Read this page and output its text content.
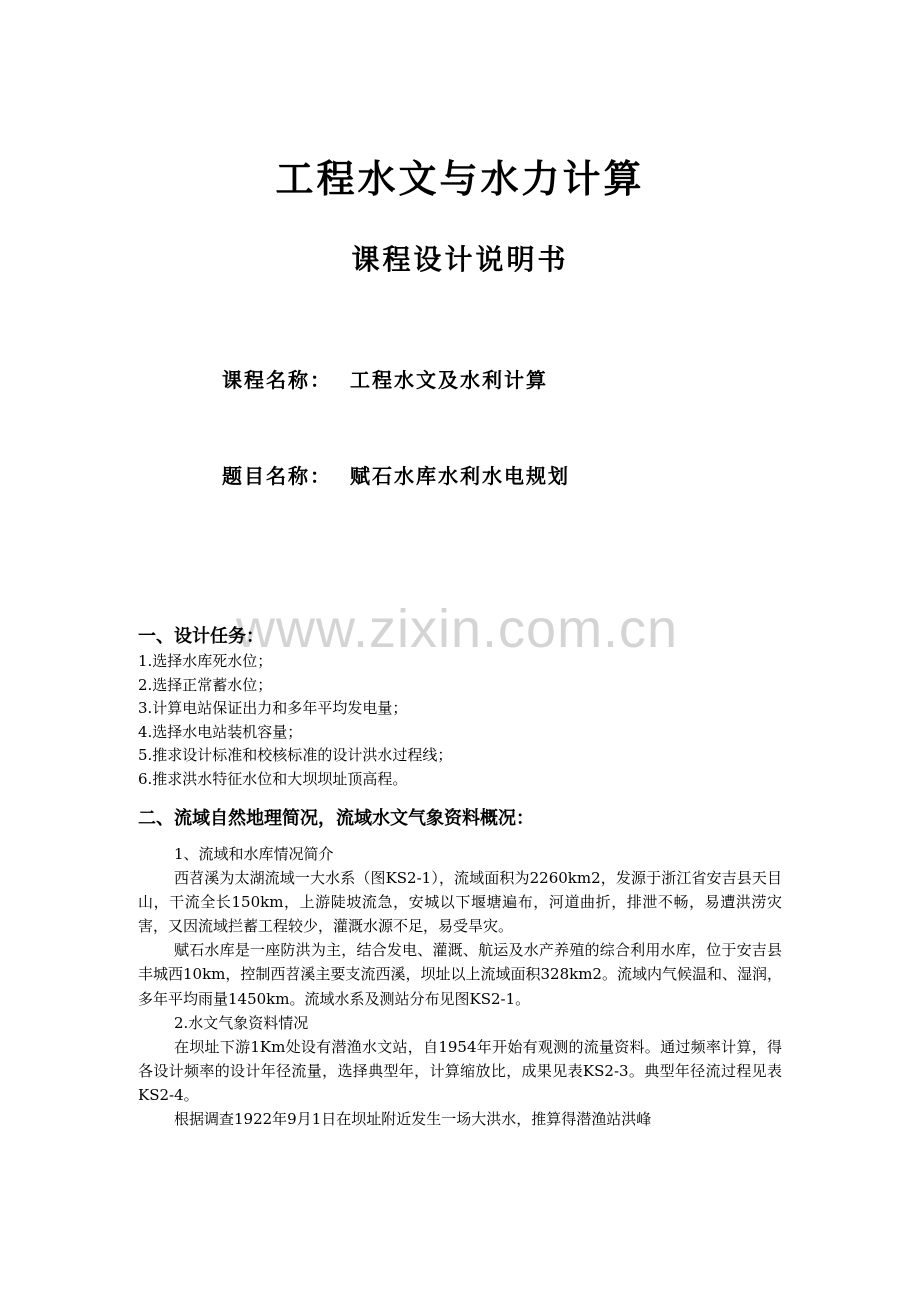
工程水文与水力计算
课程设计说明书
课程名称： 工程水文及水利计算
题目名称： 赋石水库水利水电规划
www.zixin.com.cn
一、设计任务：
1.选择水库死水位；
2.选择正常蓄水位；
3.计算电站保证出力和多年平均发电量；
4.选择水电站装机容量；
5.推求设计标准和校核标准的设计洪水过程线；
6.推求洪水特征水位和大坝坝址顶高程。
二、流域自然地理简况，流域水文气象资料概况：

1、流域和水库情况简介

西苕溪为太湖流域一大水系（图KS2-1），流域面积为2260km2，发源于浙江省安吉县天目山，干流全长150km，上游陡坡流急，安城以下堰塘遍布，河道曲折，排泄不畅，易遭洪涝灾害，又因流域拦蓄工程较少，灌溉水源不足，易受旱灾。

赋石水库是一座防洪为主，结合发电、灌溉、航运及水产养殖的综合利用水库，位于安吉县丰城西10km，控制西苕溪主要支流西溪，坝址以上流域面积328km2。流域内气候温和、湿润，多年平均雨量1450km。流域水系及测站分布见图KS2-1。

2.水文气象资料情况

在坝址下游1Km处设有潜渔水文站，自1954年开始有观测的流量资料。通过频率计算，得各设计频率的设计年径流量，选择典型年，计算缩放比，成果见表KS2-3。典型年径流过程见表KS2-4。

根据调查1922年9月1日在坝址附近发生一场大洪水，推算得潜渔站洪峰
